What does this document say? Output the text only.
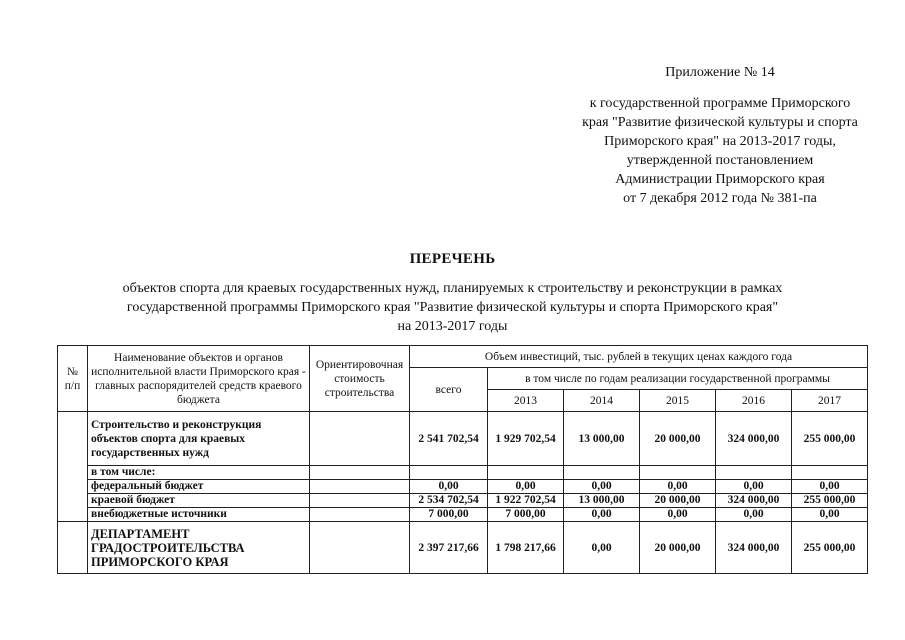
Приложение № 14
к государственной программе Приморского
края "Развитие физической культуры и спорта
Приморского края" на 2013-2017 годы,
утвержденной постановлением
Администрации Приморского края
от 7 декабря 2012 года № 381-па
ПЕРЕЧЕНЬ
объектов спорта для краевых государственных нужд, планируемых к строительству и реконструкции в рамках
государственной программы Приморского края "Развитие физической культуры и спорта Приморского края"
на 2013-2017 годы
№ п/п	Наименование объектов и органов исполнительной власти Приморского края - главных распорядителей средств краевого бюджета	Ориентировочная стоимость строительства	Объем инвестиций, тыс. рублей в текущих ценах каждого года					
			всего	в том числе по годам реализации государственной программы				
				2013	2014	2015	2016	2017
	Строительство и реконструкция объектов спорта для краевых государственных нужд		2 541 702,54	1 929 702,54	13 000,00	20 000,00	324 000,00	255 000,00
	в том числе:							
	федеральный бюджет		0,00	0,00	0,00	0,00	0,00	0,00
	краевой бюджет		2 534 702,54	1 922 702,54	13 000,00	20 000,00	324 000,00	255 000,00
	внебюджетные источники		7 000,00	7 000,00	0,00	0,00	0,00	0,00
	ДЕПАРТАМЕНТ ГРАДОСТРОИТЕЛЬСТВА ПРИМОРСКОГО КРАЯ		2 397 217,66	1 798 217,66	0,00	20 000,00	324 000,00	255 000,00
